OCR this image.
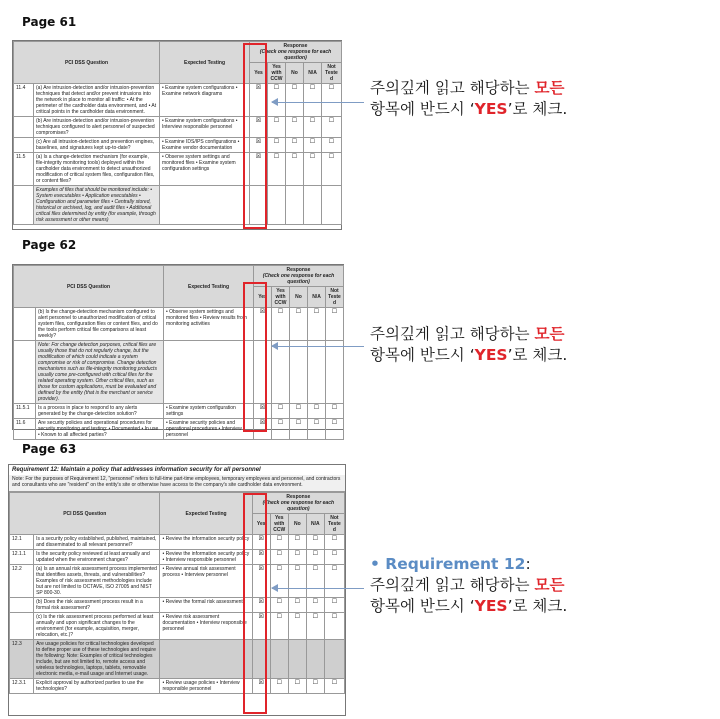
Page 61
PCI DSS Question		Expected Testing	Response
(Check one response for each question)				
			Yes	Yes with CCW	No	N/A	Not Tested
11.4	(a) Are intrusion-detection and/or intrusion-prevention techniques that detect and/or prevent intrusions into the network in place to monitor all traffic: • At the perimeter of the cardholder data environment, and • At critical points in the cardholder data environment.	• Examine system configurations • Examine network diagrams	☒	☐	☐	☐	☐
	(b) Are intrusion-detection and/or intrusion-prevention techniques configured to alert personnel of suspected compromises?	• Examine system configurations • Interview responsible personnel	☒	☐	☐	☐	☐
	(c) Are all intrusion-detection and prevention engines, baselines, and signatures kept up-to-date?	• Examine IDS/IPS configurations • Examine vendor documentation	☒	☐	☐	☐	☐
11.5	(a) Is a change-detection mechanism (for example, file-integrity monitoring tools) deployed within the cardholder data environment to detect unauthorized modification of critical system files, configuration files, or content files?	• Observe system settings and monitored files • Examine system configuration settings	☒	☐	☐	☐	☐
	Examples of files that should be monitored include: • System executables • Application executables • Configuration and parameter files • Centrally stored, historical or archived, log, and audit files • Additional critical files determined by entity (for example, through risk assessment or other means)						
Page 62
PCI DSS Question		Expected Testing	Response
(Check one response for each question)				
			Yes	Yes with CCW	No	N/A	Not Tested
	(b) Is the change-detection mechanism configured to alert personnel to unauthorized modification of critical system files, configuration files or content files, and do the tools perform critical file comparisons at least weekly?	• Observe system settings and monitored files • Review results from monitoring activities	☒	☐	☐	☐	☐
	Note: For change detection purposes, critical files are usually those that do not regularly change, but the modification of which could indicate a system compromise or risk of compromise. Change detection mechanisms such as file-integrity monitoring products usually come pre-configured with critical files for the related operating system. Other critical files, such as those for custom applications, must be evaluated and defined by the entity (that is the merchant or service provider).						
11.5.1	Is a process in place to respond to any alerts generated by the change-detection solution?	• Examine system configuration settings	☒	☐	☐	☐	☐
11.6	Are security policies and operational procedures for security monitoring and testing: • Documented • In use • Known to all affected parties?	• Examine security policies and operational procedures • Interview personnel	☒	☐	☐	☐	☐
Page 63
Requirement 12: Maintain a policy that addresses information security for all personnel
Note: For the purposes of Requirement 12, "personnel" refers to full-time part-time employees, temporary employees and personnel, and contractors and consultants who are "resident" on the entity's site or otherwise have access to the company's site cardholder data environment.
PCI DSS Question		Expected Testing	Response
(Check one response for each question)				
			Yes	Yes with CCW	No	N/A	Not Tested
12.1	Is a security policy established, published, maintained, and disseminated to all relevant personnel?	• Review the information security policy	☒	☐	☐	☐	☐
12.1.1	Is the security policy reviewed at least annually and updated when the environment changes?	• Review the information security policy • Interview responsible personnel	☒	☐	☐	☐	☐
12.2	(a) Is an annual risk assessment process implemented that identifies assets, threats, and vulnerabilities? Examples of risk assessment methodologies include but are not limited to OCTAVE, ISO 27005 and NIST SP 800-30.	• Review annual risk assessment process • Interview personnel	☒	☐	☐	☐	☐
	(b) Does the risk assessment process result in a formal risk assessment?	• Review the formal risk assessment	☒	☐	☐	☐	☐
	(c) Is the risk assessment process performed at least annually and upon significant changes to the environment (for example, acquisition, merger, relocation, etc.)?	• Review risk assessment documentation • Interview responsible personnel	☒	☐	☐	☐	☐
12.3	Are usage policies for critical technologies developed to define proper use of these technologies and require the following: Note: Examples of critical technologies include, but are not limited to, remote access and wireless technologies, laptops, tablets, removable electronic media, e-mail usage and Internet usage.						
12.3.1	Explicit approval by authorized parties to use the technologies?	• Review usage policies • Interview responsible personnel	☒	☐	☐	☐	☐
주의깊게 읽고 해당하는 모든
항목에 반드시 ‘YES’로 체크.
주의깊게 읽고 해당하는 모든
항목에 반드시 ‘YES’로 체크.
• Requirement 12:
주의깊게 읽고 해당하는 모든
항목에 반드시 ‘YES’로 체크.
